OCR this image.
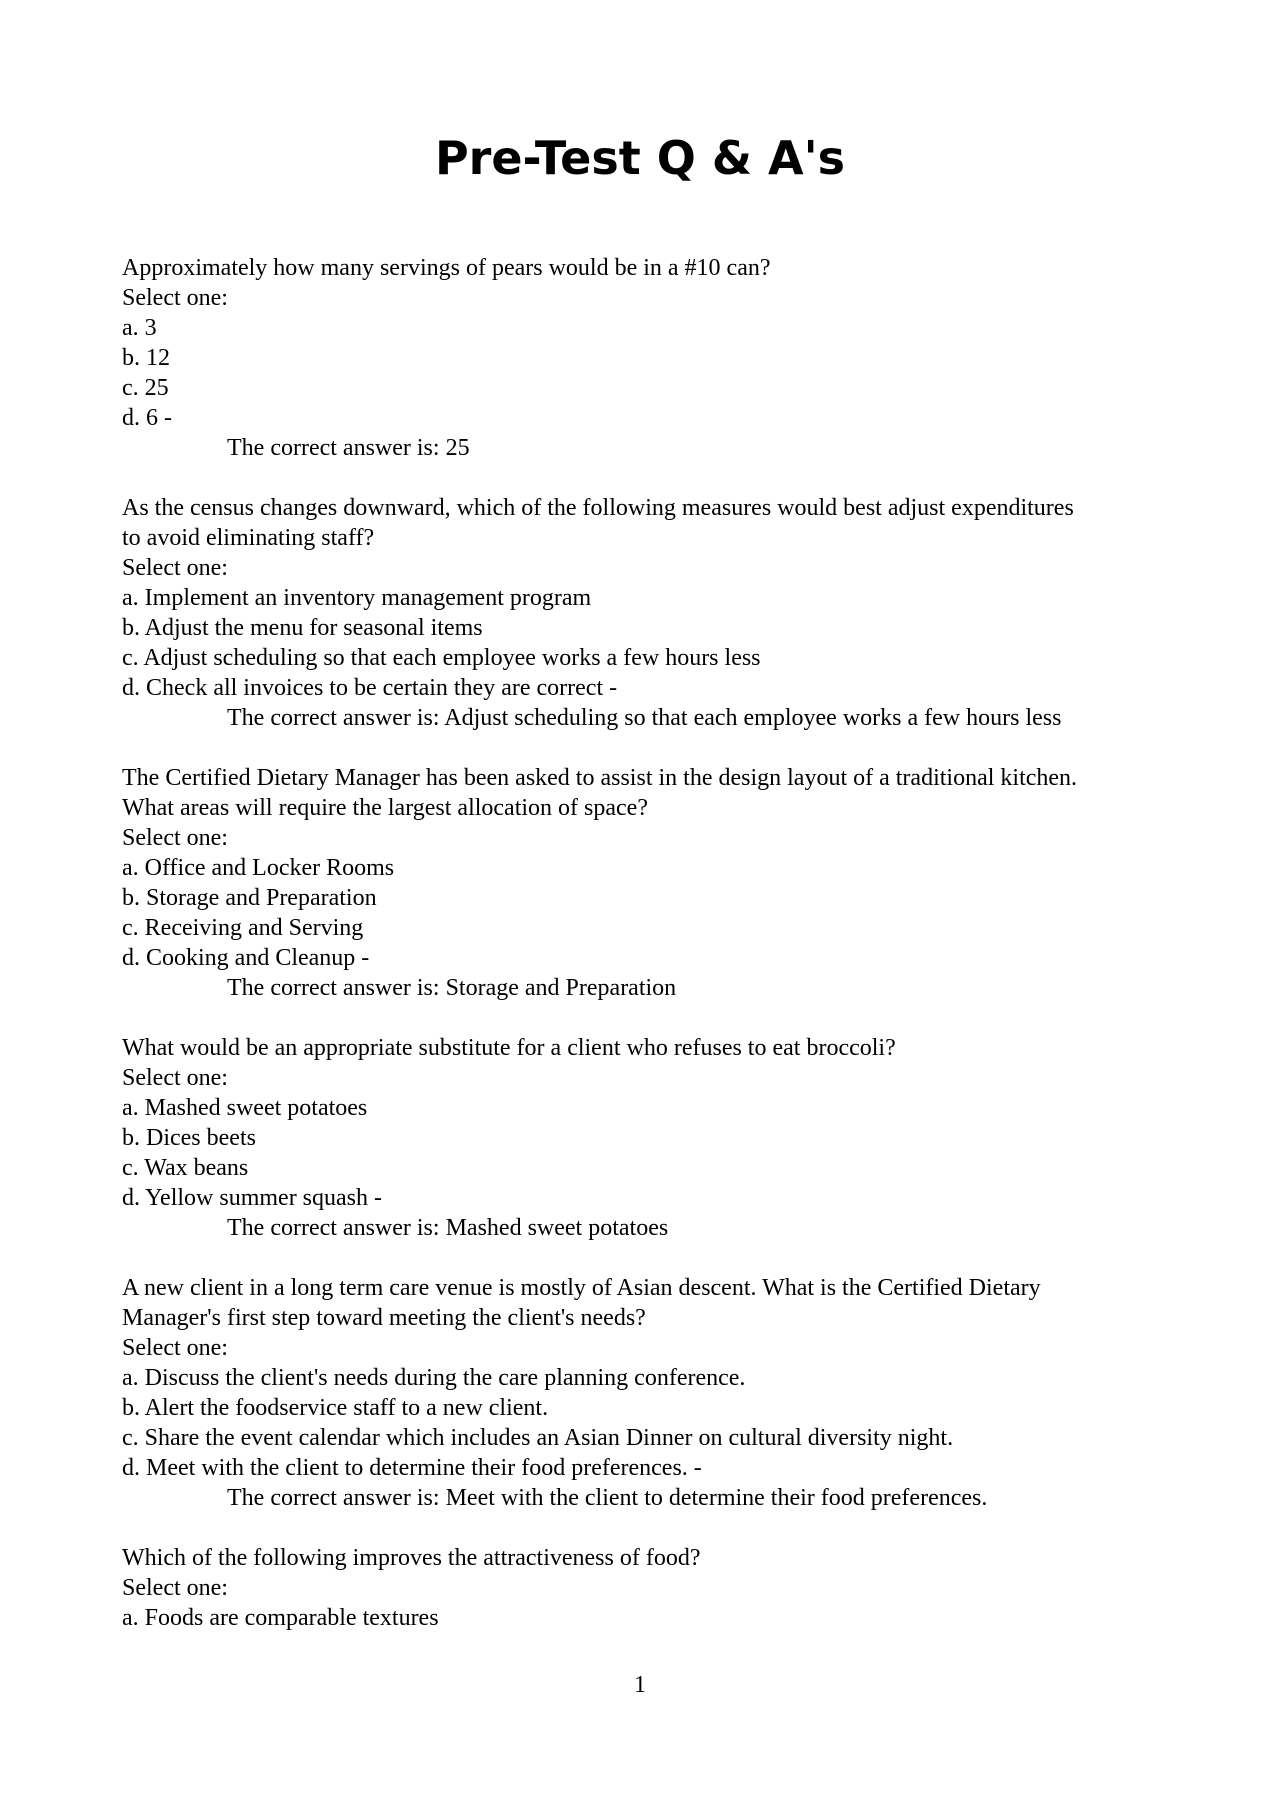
Pre-Test Q & A's
Approximately how many servings of pears would be in a #10 can?
Select one:
a. 3
b. 12
c. 25
d. 6 -
The correct answer is: 25
As the census changes downward, which of the following measures would best adjust expenditures
to avoid eliminating staff?
Select one:
a. Implement an inventory management program
b. Adjust the menu for seasonal items
c. Adjust scheduling so that each employee works a few hours less
d. Check all invoices to be certain they are correct -
The correct answer is: Adjust scheduling so that each employee works a few hours less
The Certified Dietary Manager has been asked to assist in the design layout of a traditional kitchen.
What areas will require the largest allocation of space?
Select one:
a. Office and Locker Rooms
b. Storage and Preparation
c. Receiving and Serving
d. Cooking and Cleanup -
The correct answer is: Storage and Preparation
What would be an appropriate substitute for a client who refuses to eat broccoli?
Select one:
a. Mashed sweet potatoes
b. Dices beets
c. Wax beans
d. Yellow summer squash -
The correct answer is: Mashed sweet potatoes
A new client in a long term care venue is mostly of Asian descent. What is the Certified Dietary
Manager's first step toward meeting the client's needs?
Select one:
a. Discuss the client's needs during the care planning conference.
b. Alert the foodservice staff to a new client.
c. Share the event calendar which includes an Asian Dinner on cultural diversity night.
d. Meet with the client to determine their food preferences. -
The correct answer is: Meet with the client to determine their food preferences.
Which of the following improves the attractiveness of food?
Select one:
a. Foods are comparable textures
1
